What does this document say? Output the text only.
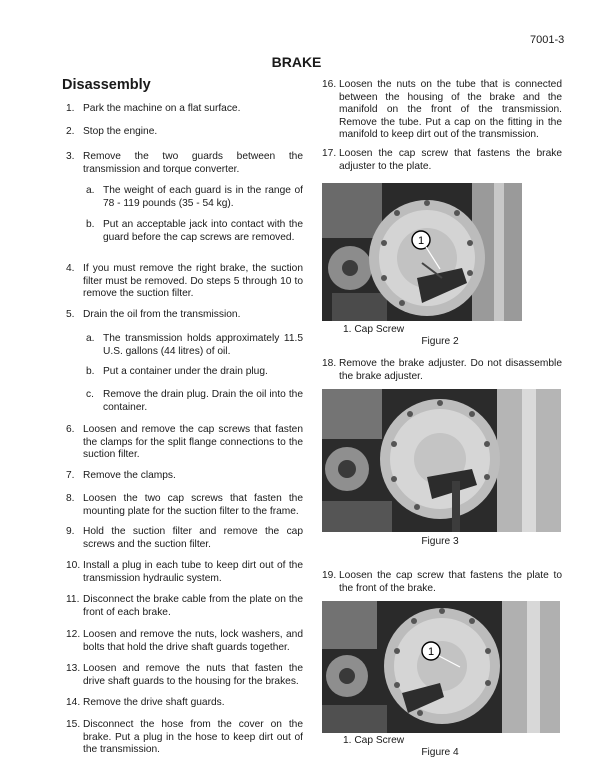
7001-3
BRAKE
Disassembly
1. Park the machine on a flat surface.
2. Stop the engine.
3. Remove the two guards between the transmission and torque converter.
a. The weight of each guard is in the range of 78 - 119 pounds (35 - 54 kg).
b. Put an acceptable jack into contact with the guard before the cap screws are removed.
4. If you must remove the right brake, the suction filter must be removed. Do steps 5 through 10 to remove the suction filter.
5. Drain the oil from the transmission.
a. The transmission holds approximately 11.5 U.S. gallons (44 litres) of oil.
b. Put a container under the drain plug.
c. Remove the drain plug. Drain the oil into the container.
6. Loosen and remove the cap screws that fasten the clamps for the split flange connections to the suction filter.
7. Remove the clamps.
8. Loosen the two cap screws that fasten the mounting plate for the suction filter to the frame.
9. Hold the suction filter and remove the cap screws and the suction filter.
10. Install a plug in each tube to keep dirt out of the transmission hydraulic system.
11. Disconnect the brake cable from the plate on the front of each brake.
12. Loosen and remove the nuts, lock washers, and bolts that hold the drive shaft guards together.
13. Loosen and remove the nuts that fasten the drive shaft guards to the housing for the brakes.
14. Remove the drive shaft guards.
15. Disconnect the hose from the cover on the brake. Put a plug in the hose to keep dirt out of the transmission.
16. Loosen the nuts on the tube that is connected between the housing of the brake and the manifold on the front of the transmission. Remove the tube. Put a cap on the fitting in the manifold to keep dirt out of the transmission.
17. Loosen the cap screw that fastens the brake adjuster to the plate.
1
1. Cap Screw
Figure 2
18. Remove the brake adjuster. Do not disassemble the brake adjuster.
Figure 3
19. Loosen the cap screw that fastens the plate to the front of the brake.
1
1. Cap Screw
Figure 4
